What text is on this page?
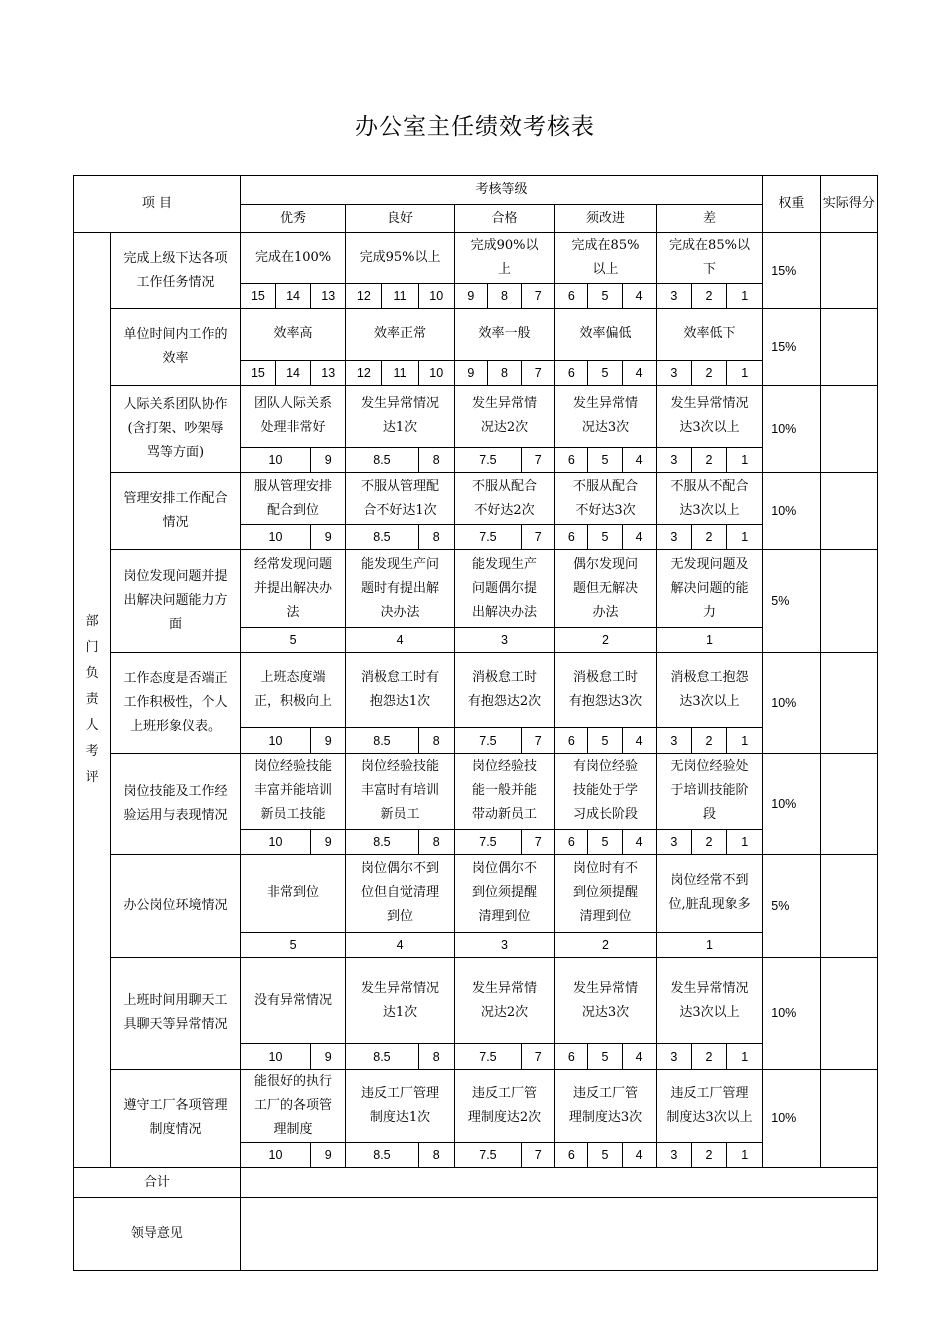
办公室主任绩效考核表
项 目		考核等级															权重	实际得分
		优秀			良好			合格			须改进			差				

部门负责人考评	完成上级下达各项工作任务情况	完成在100%			完成95%以上			完成90%以上			完成在85%以上			完成在85%以下			15%	
		15	14	13	12	11	10	9	8	7	6	5	4	3	2	1		
	单位时间内工作的效率	效率高			效率正常			效率一般			效率偏低			效率低下			15%	
		15	14	13	12	11	10	9	8	7	6	5	4	3	2	1		
	人际关系团队协作(含打架、吵架辱骂等方面)	团队人际关系处理非常好			发生异常情况达1次			发生异常情况达2次			发生异常情况达3次			发生异常情况达3次以上			10%	
		10		9	8.5		8	7.5		7	6	5	4	3	2	1		
	管理安排工作配合情况	服从管理安排配合到位			不服从管理配合不好达1次			不服从配合不好达2次			不服从配合不好达3次			不服从不配合达3次以上			10%	
		10		9	8.5		8	7.5		7	6	5	4	3	2	1		
	岗位发现问题并提出解决问题能力方面	经常发现问题并提出解决办法			能发现生产问题时有提出解决办法			能发现生产问题偶尔提出解决办法			偶尔发现问题但无解决办法			无发现问题及解决问题的能力			5%	
		5			4			3			2			1				
	工作态度是否端正工作积极性，个人上班形象仪表。	上班态度端正，积极向上			消极怠工时有抱怨达1次			消极怠工时有抱怨达2次			消极怠工时有抱怨达3次			消极怠工抱怨达3次以上			10%	
		10		9	8.5		8	7.5		7	6	5	4	3	2	1		
	岗位技能及工作经验运用与表现情况	岗位经验技能丰富并能培训新员工技能			岗位经验技能丰富时有培训新员工			岗位经验技能一般并能带动新员工			有岗位经验技能处于学习成长阶段			无岗位经验处于培训技能阶段			10%	
		10		9	8.5		8	7.5		7	6	5	4	3	2	1		
	办公岗位环境情况	非常到位			岗位偶尔不到位但自觉清理到位			岗位偶尔不到位须提醒清理到位			岗位时有不到位须提醒清理到位			岗位经常不到位,脏乱现象多			5%	
		5			4			3			2			1				
	上班时间用聊天工具聊天等异常情况	没有异常情况			发生异常情况达1次			发生异常情况达2次			发生异常情况达3次			发生异常情况达3次以上			10%	
		10		9	8.5		8	7.5		7	6	5	4	3	2	1		
	遵守工厂各项管理制度情况	能很好的执行工厂的各项管理制度			违反工厂管理制度达1次			违反工厂管理制度达2次			违反工厂管理制度达3次			违反工厂管理制度达3次以上			10%	
		10		9	8.5		8	7.5		7	6	5	4	3	2	1		
合计																		
领导意见																		
